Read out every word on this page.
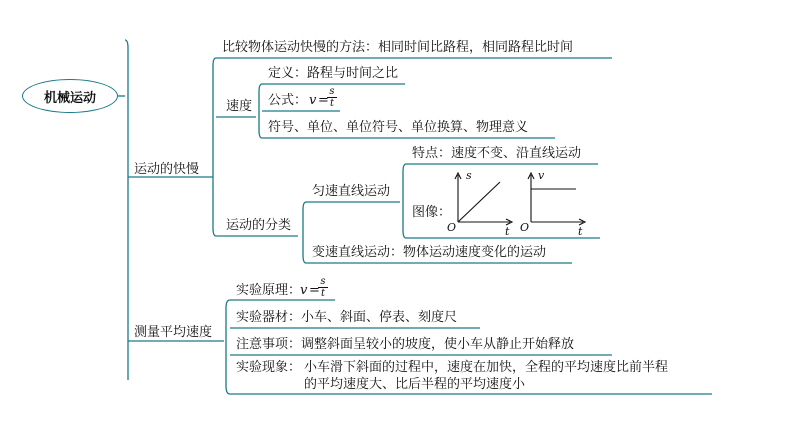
机械运动
运动的快慢
比较物体运动快慢的方法：相同时间比路程，相同路程比时间
速度
定义：路程与时间之比
公式： v =
s
t
符号、单位、单位符号、单位换算、物理意义
运动的分类
匀速直线运动
特点：速度不变、沿直线运动
图像：
s
t
O
v
t
O
变速直线运动：物体运动速度变化的运动
测量平均速度
实验原理：
v =
s
t
实验器材：小车、斜面、停表、刻度尺
注意事项：调整斜面呈较小的坡度，使小车从静止开始释放
实验现象： 小车滑下斜面的过程中，速度在加快，全程的平均速度比前半程
的平均速度大、比后半程的平均速度小
